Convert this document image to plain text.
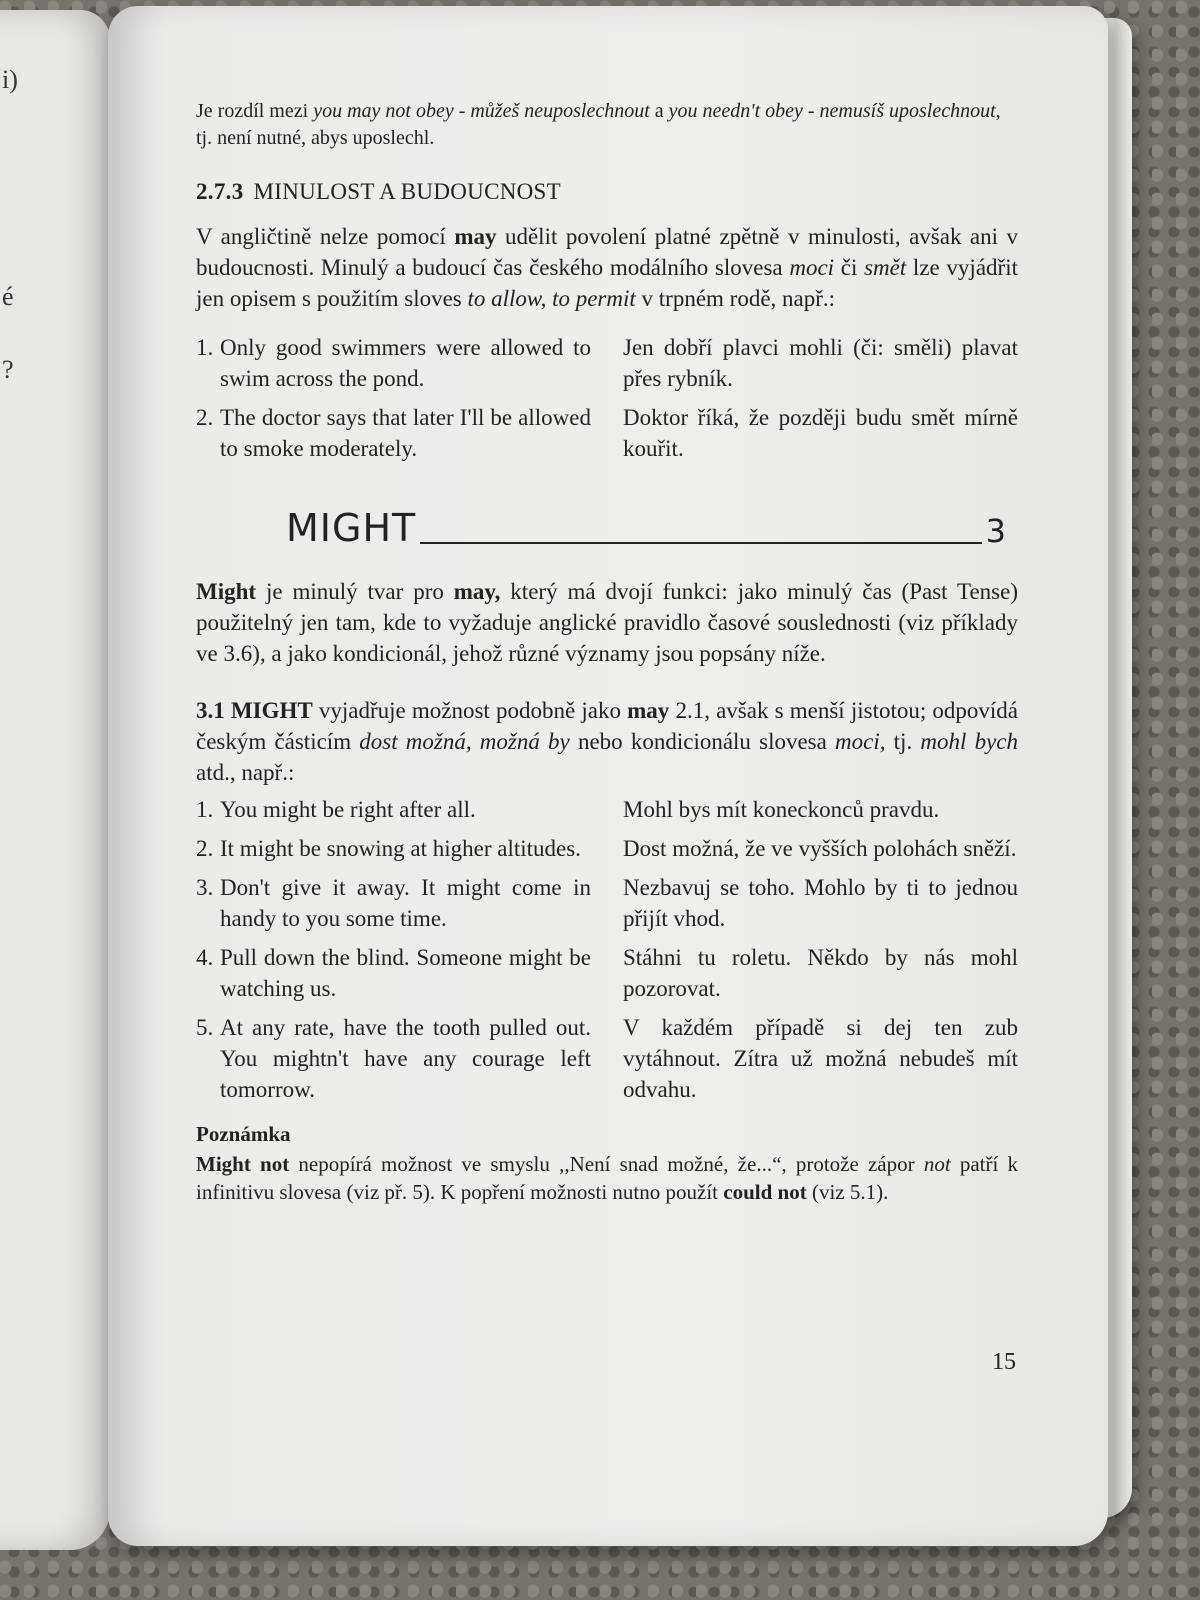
i)
é
?

Je rozdíl mezi you may not obey - můžeš neuposlechnout a you needn't obey - nemusíš uposlechnout, tj. není nutné, abys uposlechl.

2.7.3 MINULOST A BUDOUCNOST

V angličtině nelze pomocí may udělit povolení platné zpětně v minulosti, avšak ani v budoucnosti. Minulý a budoucí čas českého modálního slovesa moci či smět lze vyjádřit jen opisem s použitím sloves to allow, to permit v trpném rodě, např.:

1. Only good swimmers were allowed to swim across the pond.
Jen dobří plavci mohli (či: směli) plavat přes rybník.
2. The doctor says that later I'll be allowed to smoke moderately.
Doktor říká, že později budu smět mírně kouřit.
MIGHT	3

Might je minulý tvar pro may, který má dvojí funkci: jako minulý čas (Past Tense) použitelný jen tam, kde to vyžaduje anglické pravidlo časové souslednosti (viz příklady ve 3.6), a jako kondicionál, jehož různé významy jsou popsány níže.

3.1 MIGHT vyjadřuje možnost podobně jako may 2.1, avšak s menší jistotou; odpovídá českým částicím dost možná, možná by nebo kondicionálu slovesa moci, tj. mohl bych atd., např.:

1. You might be right after all.	Mohl bys mít koneckonců pravdu.
2. It might be snowing at higher altitudes. Dost možná, že ve vyšších polohách sněží.
3. Don't give it away. It might come in handy to you some time.
Nezbavuj se toho. Mohlo by ti to jednou přijít vhod.
4. Pull down the blind. Someone might be watching us.
Stáhni tu roletu. Někdo by nás mohl pozorovat.
5. At any rate, have the tooth pulled out. You mightn't have any courage left tomorrow.
V každém případě si dej ten zub vytáhnout. Zítra už možná nebudeš mít odvahu.
Poznámka

Might not nepopírá možnost ve smyslu ,,Není snad možné, že...“, protože zápor not patří k infinitivu slovesa (viz př. 5). K popření možnosti nutno použít could not (viz 5.1).

15
